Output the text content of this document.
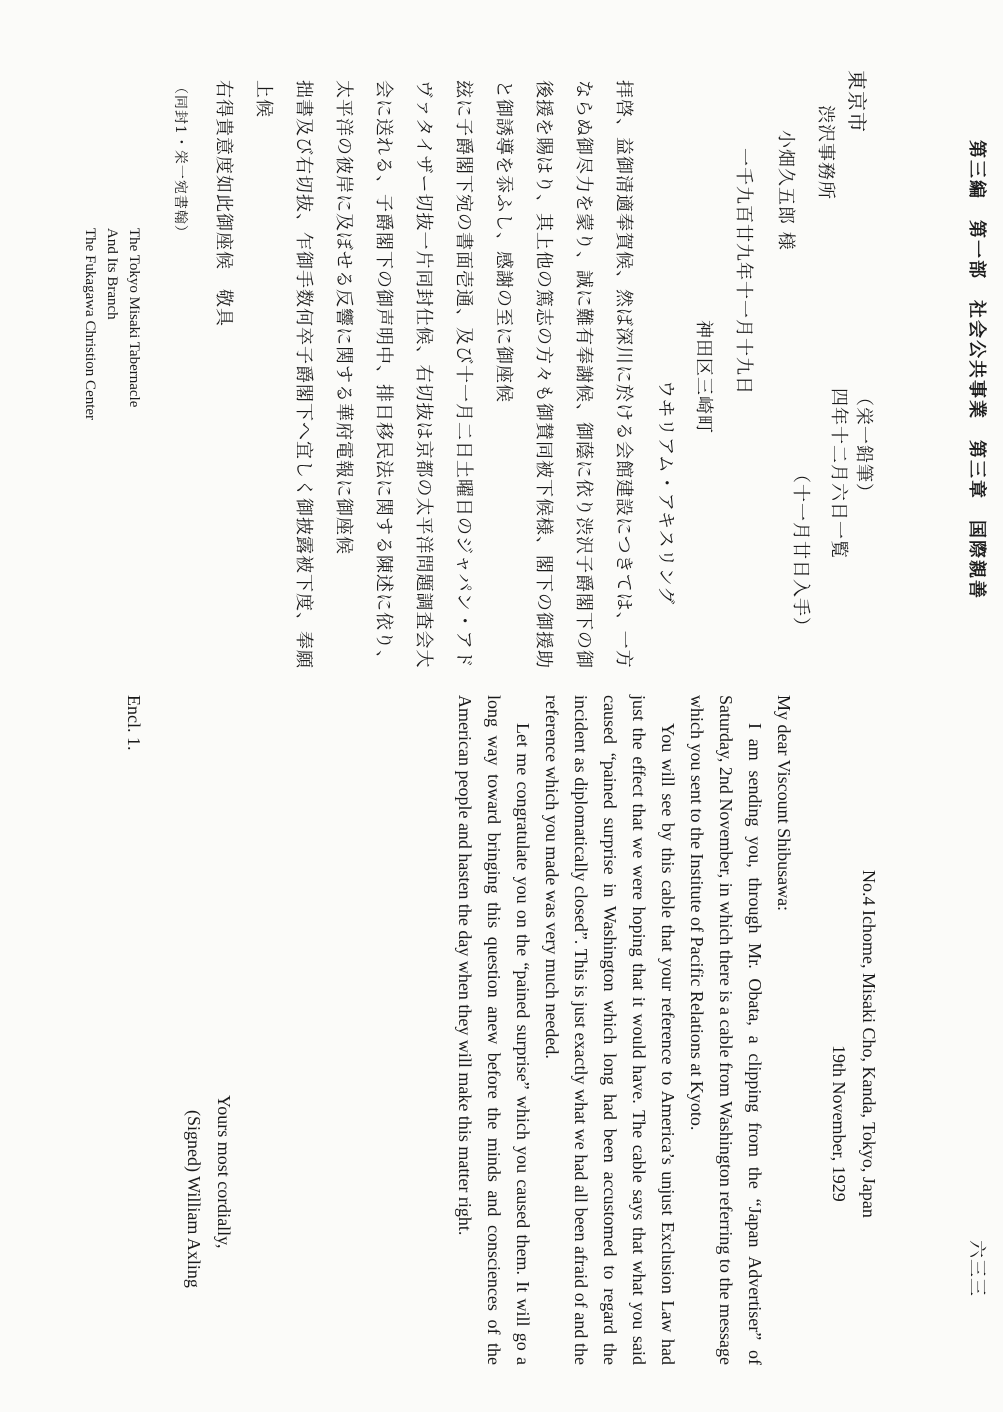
第三編　第一部　社会公共事業　第三章　国際親善
六三三
（栄一鉛筆）
四年十二月六日一覧
（十一月廿日入手）
東京市
渋沢事務所
小畑久五郎 様
一千九百廿九年十一月十九日
神田区三崎町
ウヰリアム・アキスリング
拝啓、益御清適奉賀候、然ば深川に於ける会館建設につきては、一方
ならぬ御尽力を蒙り、誠に難有奉謝候、御蔭に依り渋沢子爵閣下の御
後援を賜はり、其上他の篤志の方々も御賛同被下候様、閣下の御援助
と御誘導を忝ふし、感謝の至に御座候
玆に子爵閣下宛の書面壱通、及び十一月二日土曜日のジャパン・アド
ヴァタイザー切抜一片同封仕候、右切抜は京都の太平洋問題調査会大
会に送れる、子爵閣下の御声明中、排日移民法に関する陳述に依り、
太平洋の彼岸に及ぼせる反響に関する華府電報に御座候
拙書及び右切抜、乍御手数何卒子爵閣下へ宜しく御披露被下度、奉願
上候
右得貴意度如此御座候　敬具
（同封1・栄一宛書翰）
The Tokyo Misaki Tabernacle
And Its Branch
The Fukagawa Christion Center
No.4 Ichome, Misaki Cho, Kanda, Tokyo, Japan
19th November, 1929

My dear Viscount Shibusawa:

I am sending you, through Mr. Obata, a clipping from the “Japan Advertiser” of Saturday, 2nd November, in which there is a cable from Washington referring to the message which you sent to the Institute of Pacific Relations at Kyoto.

You will see by this cable that your reference to America’s unjust Exclusion Law had just the effect that we were hoping that it would have. The cable says that what you said caused “pained surprise in Washington which long had been accustomed to regard the incident as diplomatically closed”. This is just exactly what we had all been afraid of and the reference which you made was very much needed.

Let me congratulate you on the “pained surprise” which you caused them. It will go a long way toward bringing this question anew before the minds and consciences of the American people and hasten the day when they will make this matter right.

Yours most cordially,
(Signed) William Axling
Encl. 1.
